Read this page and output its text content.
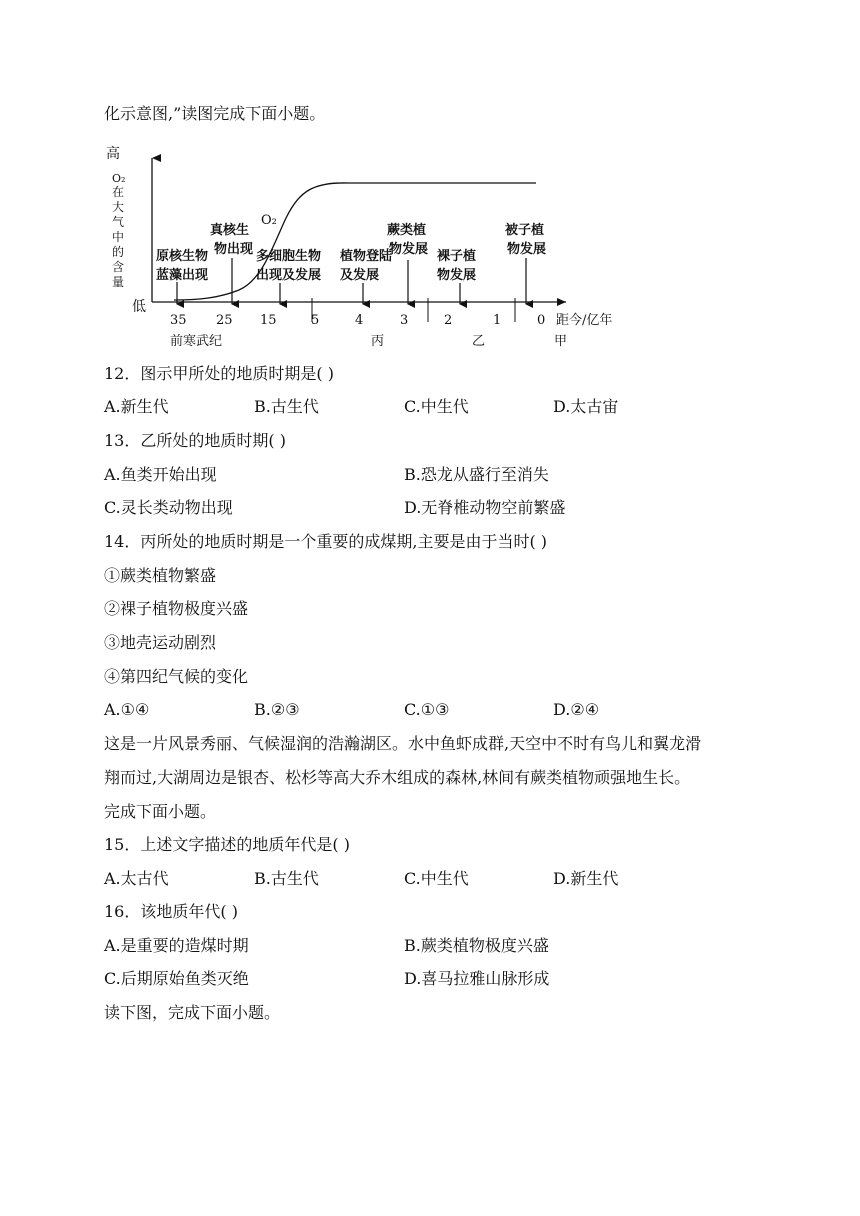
化示意图,”读图完成下面小题。
高
低
O₂
在
大
气
中
的
含
量
O₂
35 25 15	5	4	3	2	1	0 距今/亿年
前寒武纪	丙	乙	甲
原核生物
蓝藻出现
真核生
物出现 多细胞生物
出现及发展
植物登陆
及发展
蕨类植
物发展 裸子植
物发展
被子植
物发展
12．图示甲所处的地质时期是( )
A.新生代	B.古生代	C.中生代	D.太古宙
13．乙所处的地质时期( )
A.鱼类开始出现	B.恐龙从盛行至消失
C.灵长类动物出现	D.无脊椎动物空前繁盛
14．丙所处的地质时期是一个重要的成煤期,主要是由于当时( )
①蕨类植物繁盛
②裸子植物极度兴盛
③地壳运动剧烈
④第四纪气候的变化
A.①④	B.②③	C.①③	D.②④
这是一片风景秀丽、气候湿润的浩瀚湖区。水中鱼虾成群,天空中不时有鸟儿和翼龙滑
翔而过,大湖周边是银杏、松杉等高大乔木组成的森林,林间有蕨类植物顽强地生长。
完成下面小题。
15．上述文字描述的地质年代是( )
A.太古代	B.古生代	C.中生代	D.新生代
16．该地质年代( )
A.是重要的造煤时期	B.蕨类植物极度兴盛
C.后期原始鱼类灭绝	D.喜马拉雅山脉形成
读下图，完成下面小题。
